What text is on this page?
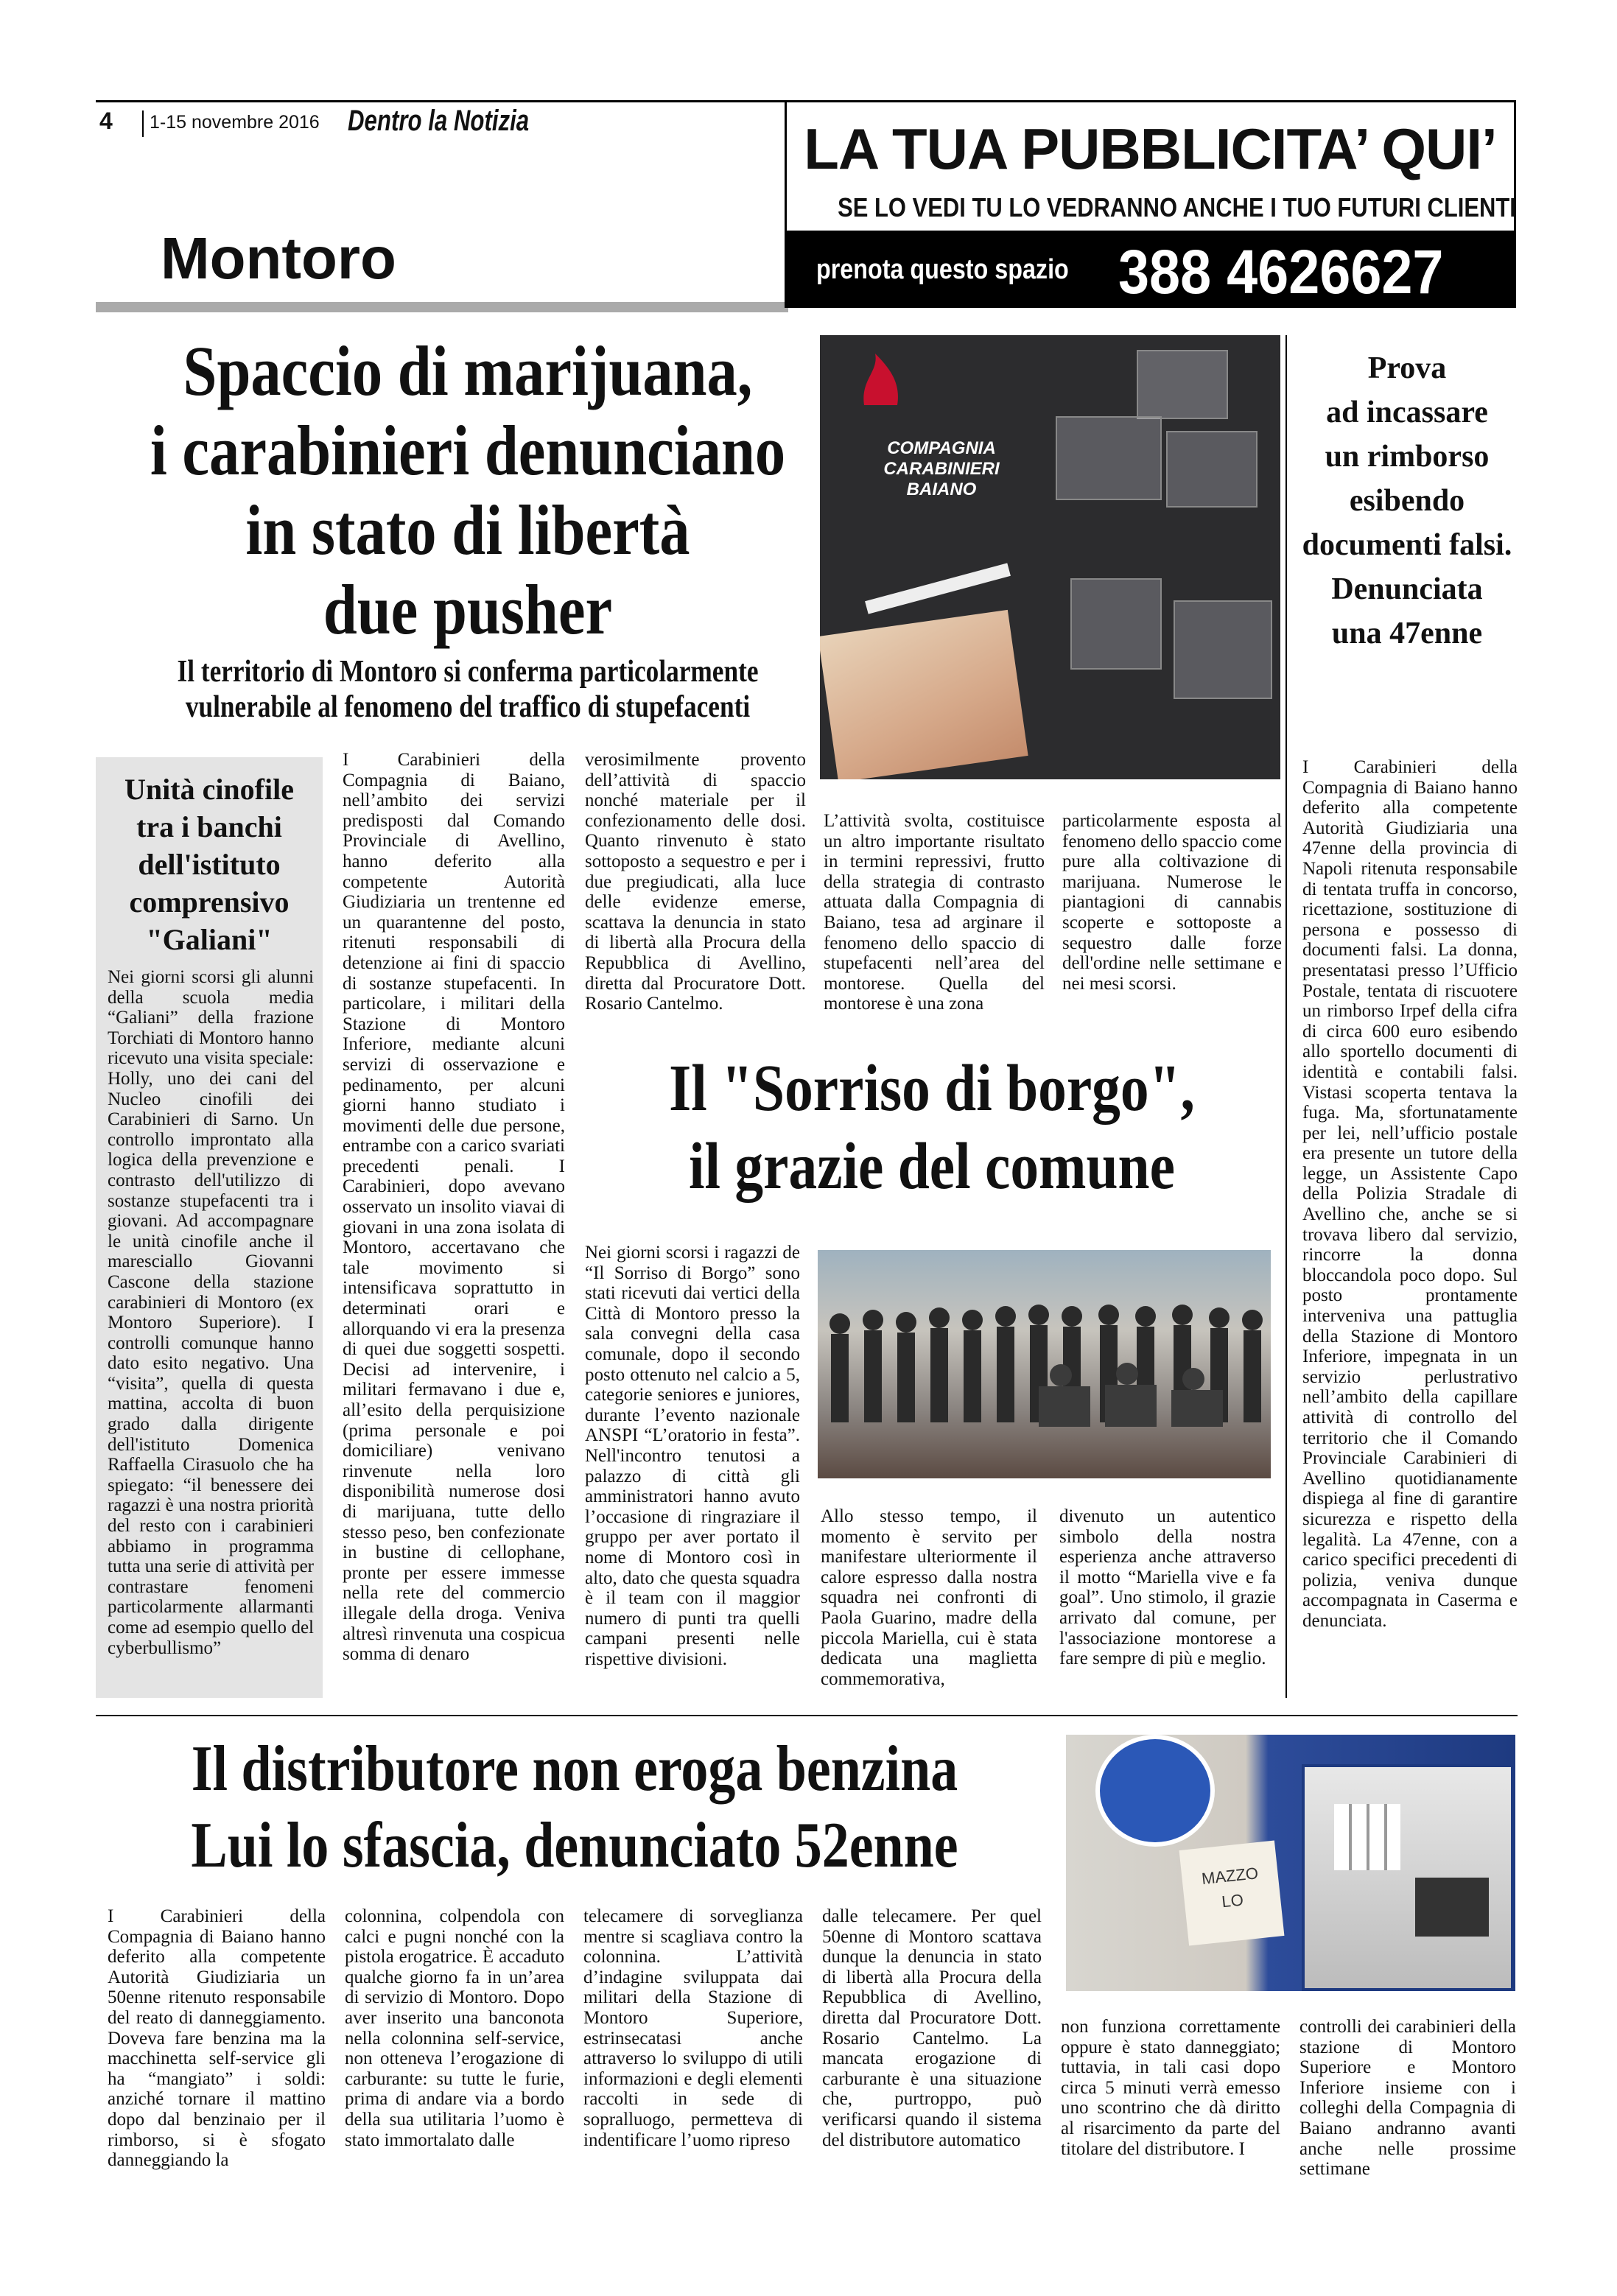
4 1-15 novembre 2016 Dentro la Notizia
Montoro
LA TUA PUBBLICITA’ QUI’
SE LO VEDI TU LO VEDRANNO ANCHE I TUO FUTURI CLIENTI
prenota questo spazio 388 4626627
Spaccio di marijuana,
i carabinieri denunciano
in stato di libertà
due pusher
Il territorio di Montoro si conferma particolarmente
vulnerabile al fenomeno del traffico di stupefacenti
COMPAGNIA CARABINIERI
BAIANO
Prova
ad incassare
un rimborso
esibendo
documenti falsi.
Denunciata
una 47enne

I Carabinieri della Compagnia di Baiano hanno deferito alla competente Autorità Giudiziaria una 47enne della provincia di Napoli ritenuta responsabile di tentata truffa in concorso, ricettazione, sostituzione di persona e possesso di documenti falsi. La donna, presentatasi presso l’Ufficio Postale, tentata di riscuotere un rimborso Irpef della cifra di circa 600 euro esibendo allo sportello documenti di identità e contabili falsi. Vistasi scoperta tentava la fuga. Ma, sfortunatamente per lei, nell’ufficio postale era presente un tutore della legge, un Assistente Capo della Polizia Stradale di Avellino che, anche se si trovava libero dal servizio, rincorre la donna bloccandola poco dopo. Sul posto prontamente interveniva una pattuglia della Stazione di Montoro Inferiore, impegnata in un servizio perlustrativo nell’ambito della capillare attività di controllo del territorio che il Comando Provinciale Carabinieri di Avellino quotidianamente dispiega al fine di garantire sicurezza e rispetto della legalità. La 47enne, con a carico specifici precedenti di polizia, veniva dunque accompagnata in Caserma e denunciata.

Unità cinofile
tra i banchi
dell'istituto
comprensivo
"Galiani"

Nei giorni scorsi gli alunni della scuola media “Galiani” della frazione Torchiati di Montoro hanno ricevuto una visita speciale: Holly, uno dei cani del Nucleo cinofili dei Carabinieri di Sarno. Un controllo improntato alla logica della prevenzione e contrasto dell'utilizzo di sostanze stupefacenti tra i giovani. Ad accompagnare le unità cinofile anche il maresciallo Giovanni Cascone della stazione carabinieri di Montoro (ex Montoro Superiore). I controlli comunque hanno dato esito negativo. Una “visita”, quella di questa mattina, accolta di buon grado dalla dirigente dell'istituto Domenica Raffaella Cirasuolo che ha spiegato: “il benessere dei ragazzi è una nostra priorità del resto con i carabinieri abbiamo in programma tutta una serie di attività per contrastare fenomeni particolarmente allarmanti come ad esempio quello del cyberbullismo”

I Carabinieri della Compagnia di Baiano, nell’ambito dei servizi predisposti dal Comando Provinciale di Avellino, hanno deferito alla competente Autorità Giudiziaria un trentenne ed un quarantenne del posto, ritenuti responsabili di detenzione ai fini di spaccio di sostanze stupefacenti. In particolare, i militari della Stazione di Montoro Inferiore, mediante alcuni servizi di osservazione e pedinamento, per alcuni giorni hanno studiato i movimenti delle due persone, entrambe con a carico svariati precedenti penali. I Carabinieri, dopo avevano osservato un insolito viavai di giovani in una zona isolata di Montoro, accertavano che tale movimento si intensificava soprattutto in determinati orari e allorquando vi era la presenza di quei due soggetti sospetti. Decisi ad intervenire, i militari fermavano i due e, all’esito della perquisizione (prima personale e poi domiciliare) venivano rinvenute nella loro disponibilità numerose dosi di marijuana, tutte dello stesso peso, ben confezionate in bustine di cellophane, pronte per essere immesse nella rete del commercio illegale della droga. Veniva altresì rinvenuta una cospicua somma di denaro

verosimilmente provento dell’attività di spaccio nonché materiale per il confezionamento delle dosi. Quanto rinvenuto è stato sottoposto a sequestro e per i due pregiudicati, alla luce delle evidenze emerse, scattava la denuncia in stato di libertà alla Procura della Repubblica di Avellino, diretta dal Procuratore Dott. Rosario Cantelmo.

L’attività svolta, costituisce un altro importante risultato in termini repressivi, frutto della strategia di contrasto attuata dalla Compagnia di Baiano, tesa ad arginare il fenomeno dello spaccio di stupefacenti nell’area del montorese. Quella del montorese è una zona

particolarmente esposta al fenomeno dello spaccio come pure alla coltivazione di marijuana. Numerose le piantagioni di cannabis scoperte e sottoposte a sequestro dalle forze dell'ordine nelle settimane e nei mesi scorsi.

Il "Sorriso di borgo",
il grazie del comune

Nei giorni scorsi i ragazzi de “Il Sorriso di Borgo” sono stati ricevuti dai vertici della Città di Montoro presso la sala convegni della casa comunale, dopo il secondo posto ottenuto nel calcio a 5, categorie seniores e juniores, durante l’evento nazionale ANSPI “L’oratorio in festa”. Nell'incontro tenutosi a palazzo di città gli amministratori hanno avuto l’occasione di ringraziare il gruppo per aver portato il nome di Montoro così in alto, dato che questa squadra è il team con il maggior numero di punti tra quelli campani presenti nelle rispettive divisioni.

Allo stesso tempo, il momento è servito per manifestare ulteriormente il calore espresso dalla nostra squadra nei confronti di Paola Guarino, madre della piccola Mariella, cui è stata dedicata una maglietta commemorativa,

divenuto un autentico simbolo della nostra esperienza anche attraverso il motto “Mariella vive e fa goal”. Uno stimolo, il grazie arrivato dal comune, per l'associazione montorese a fare sempre di più e meglio.

Il distributore non eroga benzina
Lui lo sfascia, denunciato 52enne	MAZZO
LO

I Carabinieri della Compagnia di Baiano hanno deferito alla competente Autorità Giudiziaria un 50enne ritenuto responsabile del reato di danneggiamento. Doveva fare benzina ma la macchinetta self-service gli ha “mangiato” i soldi: anziché tornare il mattino dopo dal benzinaio per il rimborso, si è sfogato danneggiando la

colonnina, colpendola con calci e pugni nonché con la pistola erogatrice. È accaduto qualche giorno fa in un’area di servizio di Montoro. Dopo aver inserito una banconota nella colonnina self-service, non otteneva l’erogazione di carburante: su tutte le furie, prima di andare via a bordo della sua utilitaria l’uomo è stato immortalato dalle

telecamere di sorveglianza mentre si scagliava contro la colonnina. L’attività d’indagine sviluppata dai militari della Stazione di Montoro Superiore, estrinsecatasi anche attraverso lo sviluppo di utili informazioni e degli elementi raccolti in sede di sopralluogo, permetteva di indentificare l’uomo ripreso

dalle telecamere. Per quel 50enne di Montoro scattava dunque la denuncia in stato di libertà alla Procura della Repubblica di Avellino, diretta dal Procuratore Dott. Rosario Cantelmo. La mancata erogazione di carburante è una situazione che, purtroppo, può verificarsi quando il sistema del distributore automatico

non funziona correttamente oppure è stato danneggiato; tuttavia, in tali casi dopo circa 5 minuti verrà emesso uno scontrino che dà diritto al risarcimento da parte del titolare del distributore. I

controlli dei carabinieri della stazione di Montoro Superiore e Montoro Inferiore insieme con i colleghi della Compagnia di Baiano andranno avanti anche nelle prossime settimane
